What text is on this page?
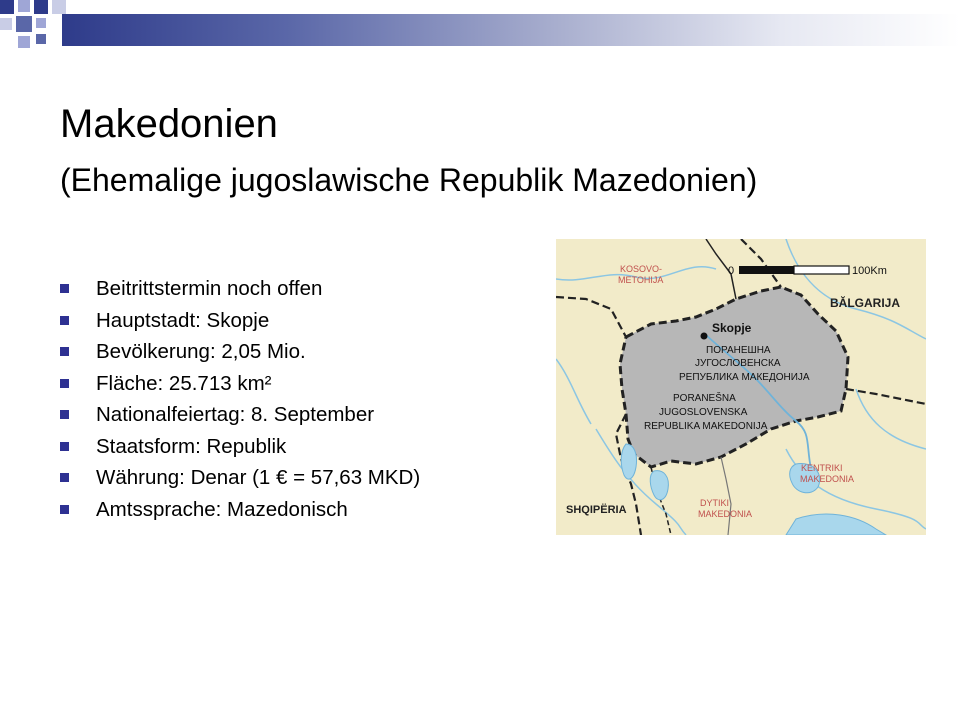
Makedonien
(Ehemalige jugoslawische Republik Mazedonien)
Beitrittstermin noch offen
Hauptstadt: Skopje
Bevölkerung: 2,05 Mio.
Fläche: 25.713 km²
Nationalfeiertag: 8. September
Staatsform: Republik
Währung: Denar (1 € = 57,63 MKD)
Amtssprache: Mazedonisch
0	100Km
KOSOVO-
METOHIJA
BĂLGARIJA
Skopje
ПОРАНЕШНА
ЈУГОСЛОВЕНСКА
РЕПУБЛИКА МАКЕДОНИЈА
PORANEŠNA
JUGOSLOVENSKA
REPUBLIKA MAKEDONIJA
KENTRIKI
MAKEDONIA
SHQIPËRIA
DYTIKI
MAKEDONIA
